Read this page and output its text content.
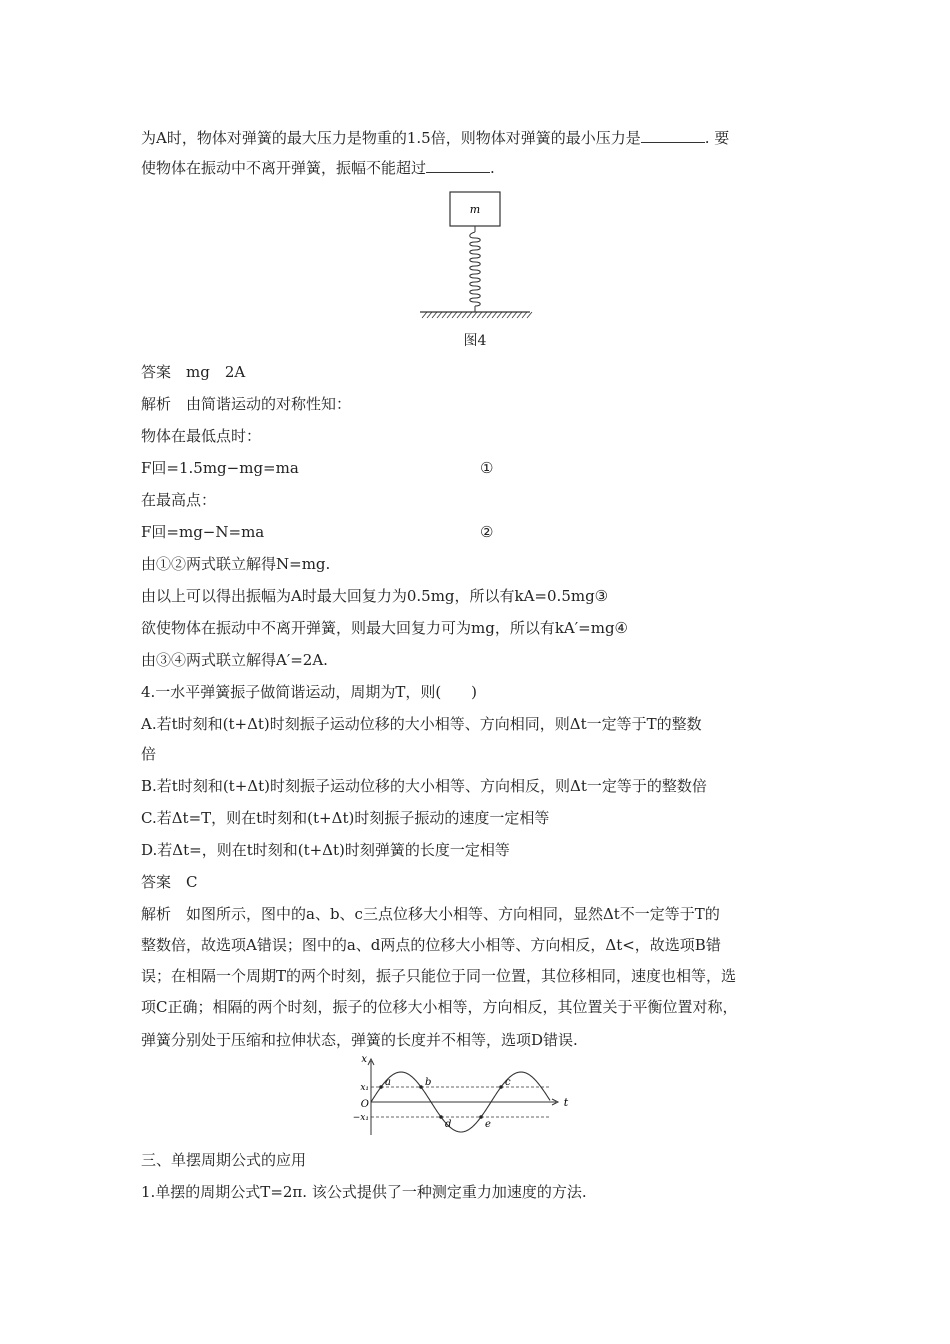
为A时，物体对弹簧的最大压力是物重的1.5倍，则物体对弹簧的最小压力是	. 要
使物体在振动中不离开弹簧，振幅不能超过	.
m
图4
答案　mg　2A
解析　由简谐运动的对称性知：
物体在最低点时：
F回=1.5mg−mg=ma	①
在最高点：
F回=mg−N=ma	②
由①②两式联立解得N=mg.
由以上可以得出振幅为A时最大回复力为0.5mg，所以有kA=0.5mg③
欲使物体在振动中不离开弹簧，则最大回复力可为mg，所以有kA′=mg④
由③④两式联立解得A′=2A.
4.一水平弹簧振子做简谐运动，周期为T，则(　　)
A.若t时刻和(t+Δt)时刻振子运动位移的大小相等、方向相同，则Δt一定等于T的整数
倍
B.若t时刻和(t+Δt)时刻振子运动位移的大小相等、方向相反，则Δt一定等于的整数倍
C.若Δt=T，则在t时刻和(t+Δt)时刻振子振动的速度一定相等
D.若Δt=，则在t时刻和(t+Δt)时刻弹簧的长度一定相等
答案　C
解析　如图所示，图中的a、b、c三点位移大小相等、方向相同，显然Δt不一定等于T的
整数倍，故选项A错误；图中的a、d两点的位移大小相等、方向相反，Δt<，故选项B错
误；在相隔一个周期T的两个时刻，振子只能位于同一位置，其位移相同，速度也相等，选
项C正确；相隔的两个时刻，振子的位移大小相等，方向相反，其位置关于平衡位置对称，
弹簧分别处于压缩和拉伸状态，弹簧的长度并不相等，选项D错误.
x
O
x₁
−x₁
t
a	b	c
d	e
三、单摆周期公式的应用
1.单摆的周期公式T=2π. 该公式提供了一种测定重力加速度的方法.
